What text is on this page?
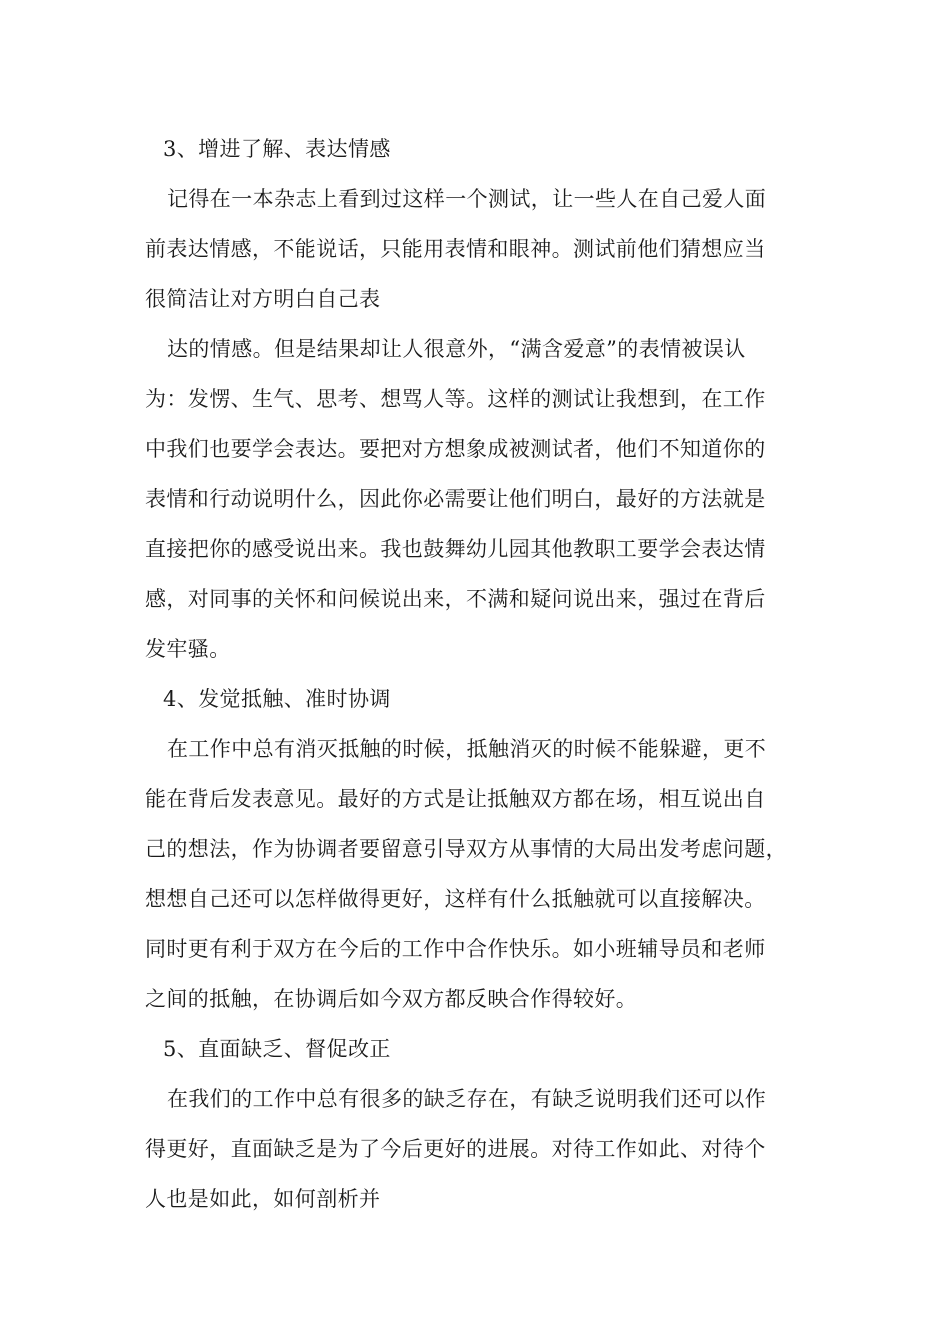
3、增进了解、表达情感
记得在一本杂志上看到过这样一个测试，让一些人在自己爱人面
前表达情感，不能说话，只能用表情和眼神。测试前他们猜想应当
很简洁让对方明白自己表
达的情感。但是结果却让人很意外，“满含爱意”的表情被误认
为：发愣、生气、思考、想骂人等。这样的测试让我想到，在工作
中我们也要学会表达。要把对方想象成被测试者，他们不知道你的
表情和行动说明什么，因此你必需要让他们明白，最好的方法就是
直接把你的感受说出来。我也鼓舞幼儿园其他教职工要学会表达情
感，对同事的关怀和问候说出来，不满和疑问说出来，强过在背后
发牢骚。
4、发觉抵触、准时协调
在工作中总有消灭抵触的时候，抵触消灭的时候不能躲避，更不
能在背后发表意见。最好的方式是让抵触双方都在场，相互说出自
己的想法，作为协调者要留意引导双方从事情的大局出发考虑问题，
想想自己还可以怎样做得更好，这样有什么抵触就可以直接解决。
同时更有利于双方在今后的工作中合作快乐。如小班辅导员和老师
之间的抵触，在协调后如今双方都反映合作得较好。
5、直面缺乏、督促改正
在我们的工作中总有很多的缺乏存在，有缺乏说明我们还可以作
得更好，直面缺乏是为了今后更好的进展。对待工作如此、对待个
人也是如此，如何剖析并
